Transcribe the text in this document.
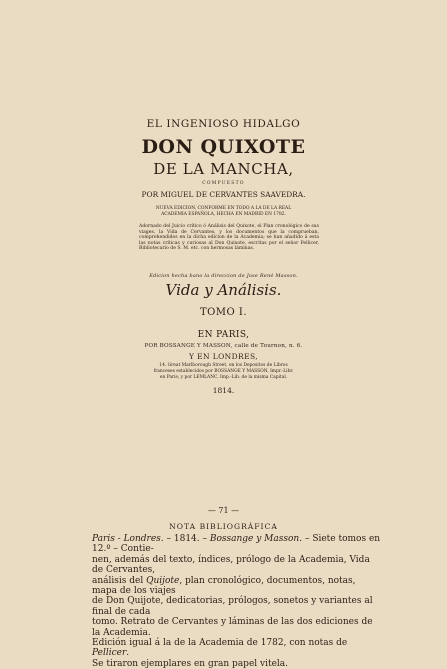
EL INGENIOSO HIDALGO
DON QUIXOTE
DE LA MANCHA,
COMPUESTO
POR MIGUEL DE CERVANTES SAAVEDRA.
NUEVA EDICION, CONFORME EN TODO A LA DE LA REAL
ACADEMIA ESPAÑOLA, HECHA EN MADRID EN 1782.
Adornado del Juicio crítico ó Análisis del Quixote, el Plan cronológico de sus viages, la Vida de Cervantes, y los documentos que la comprueban, comprehendidos en la dicha edicion de la Academia; se han añadido á esta las notas críticas y curiosas al Don Quixote, escritas por el señor Pellicer, Bibliotecario de S. M. etc. con hermosas láminas.
Edicion hecha bano la direccion de Jose René Masson.
Vida y Análisis.
TOMO I.
EN PARIS,
POR BOSSANGE Y MASSON, calle de Tournon, n. 6.
Y EN LONDRES,
14. Great Marlborough Street, en los Depositos de Libros
franceses establecidos por BOSSANGE Y MASSON, Impr.-Libr.
en Paris; y por LEMLANC, Imp.-Lib. de la misma Capital.
1814.
— 71 —
NOTA BIBLIOGRÁFICA

Paris - Londres. – 1814. – Bossange y Masson. – Siete tomos en 12.º – Contie-

nen, además del texto, índices, prólogo de la Academia, Vida de Cervantes,

análisis del Quijote, plan cronológico, documentos, notas, mapa de los viajes

de Don Quijote, dedicatorias, prólogos, sonetos y variantes al final de cada

tomo. Retrato de Cervantes y láminas de las dos ediciones de la Academia.

Edición igual á la de la Academia de 1782, con notas de Pellicer.

Se tiraron ejemplares en gran papel vitela.
